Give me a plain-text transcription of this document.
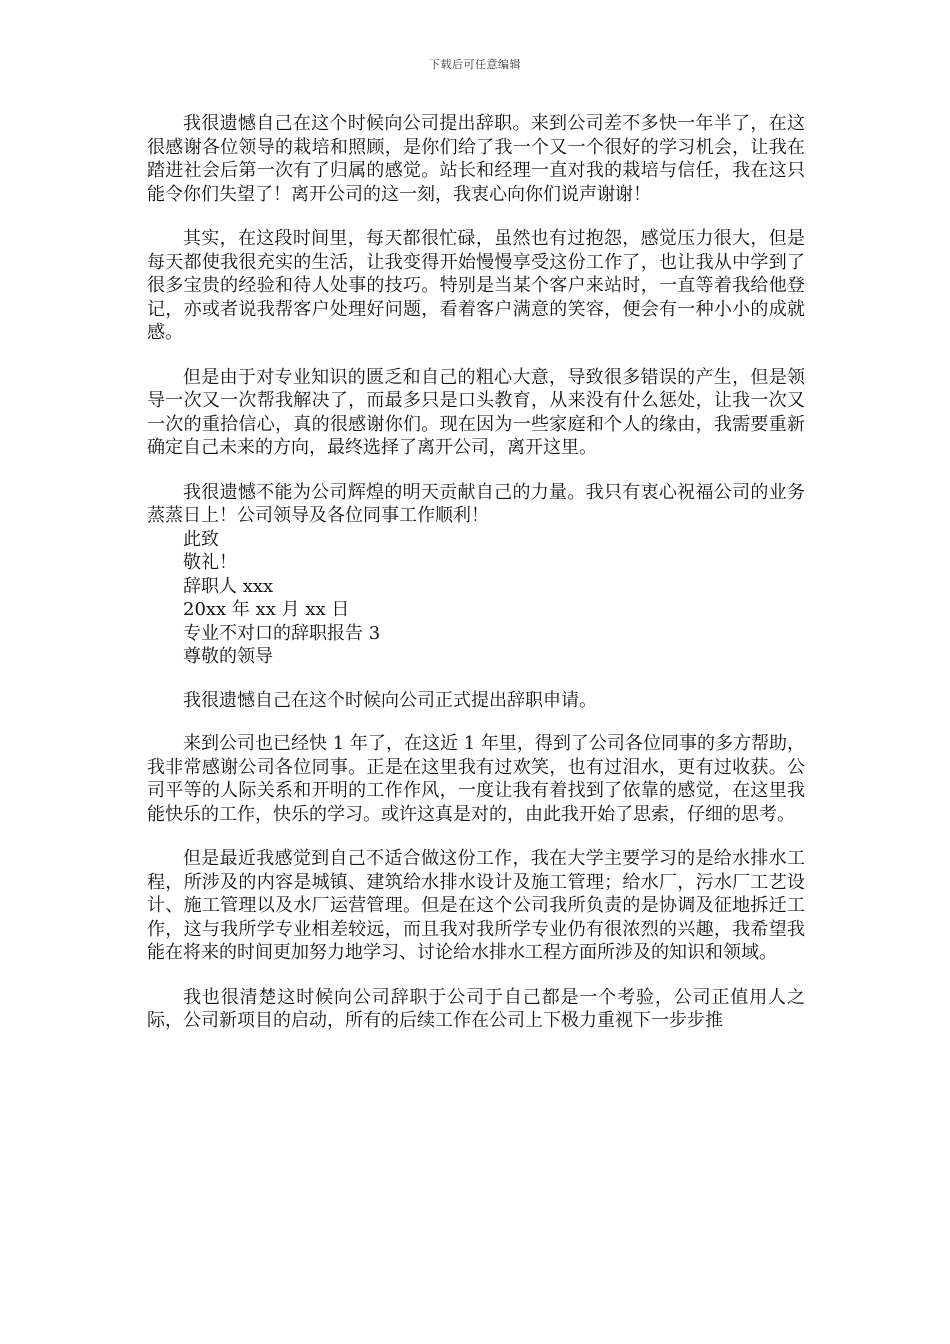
下载后可任意编辑

我很遗憾自己在这个时候向公司提出辞职。来到公司差不多快一年半了，在这很感谢各位领导的栽培和照顾，是你们给了我一个又一个很好的学习机会，让我在踏进社会后第一次有了归属的感觉。站长和经理一直对我的栽培与信任，我在这只能令你们失望了！离开公司的这一刻，我衷心向你们说声谢谢！

其实，在这段时间里，每天都很忙碌，虽然也有过抱怨，感觉压力很大，但是每天都使我很充实的生活，让我变得开始慢慢享受这份工作了，也让我从中学到了很多宝贵的经验和待人处事的技巧。特别是当某个客户来站时，一直等着我给他登记，亦或者说我帮客户处理好问题，看着客户满意的笑容，便会有一种小小的成就感。

但是由于对专业知识的匮乏和自己的粗心大意，导致很多错误的产生，但是领导一次又一次帮我解决了，而最多只是口头教育，从来没有什么惩处，让我一次又一次的重拾信心，真的很感谢你们。现在因为一些家庭和个人的缘由，我需要重新确定自己未来的方向，最终选择了离开公司，离开这里。

我很遗憾不能为公司辉煌的明天贡献自己的力量。我只有衷心祝福公司的业务蒸蒸日上！公司领导及各位同事工作顺利！

此致

敬礼！

辞职人 xxx

20xx 年 xx 月 xx 日

专业不对口的辞职报告 3

尊敬的领导

我很遗憾自己在这个时候向公司正式提出辞职申请。

来到公司也已经快 1 年了，在这近 1 年里，得到了公司各位同事的多方帮助，我非常感谢公司各位同事。正是在这里我有过欢笑，也有过泪水，更有过收获。公司平等的人际关系和开明的工作作风，一度让我有着找到了依靠的感觉，在这里我能快乐的工作，快乐的学习。或许这真是对的，由此我开始了思索，仔细的思考。

但是最近我感觉到自己不适合做这份工作，我在大学主要学习的是给水排水工程，所涉及的内容是城镇、建筑给水排水设计及施工管理；给水厂，污水厂工艺设计、施工管理以及水厂运营管理。但是在这个公司我所负责的是协调及征地拆迁工作，这与我所学专业相差较远，而且我对我所学专业仍有很浓烈的兴趣，我希望我能在将来的时间更加努力地学习、讨论给水排水工程方面所涉及的知识和领域。

我也很清楚这时候向公司辞职于公司于自己都是一个考验，公司正值用人之际，公司新项目的启动，所有的后续工作在公司上下极力重视下一步步推
